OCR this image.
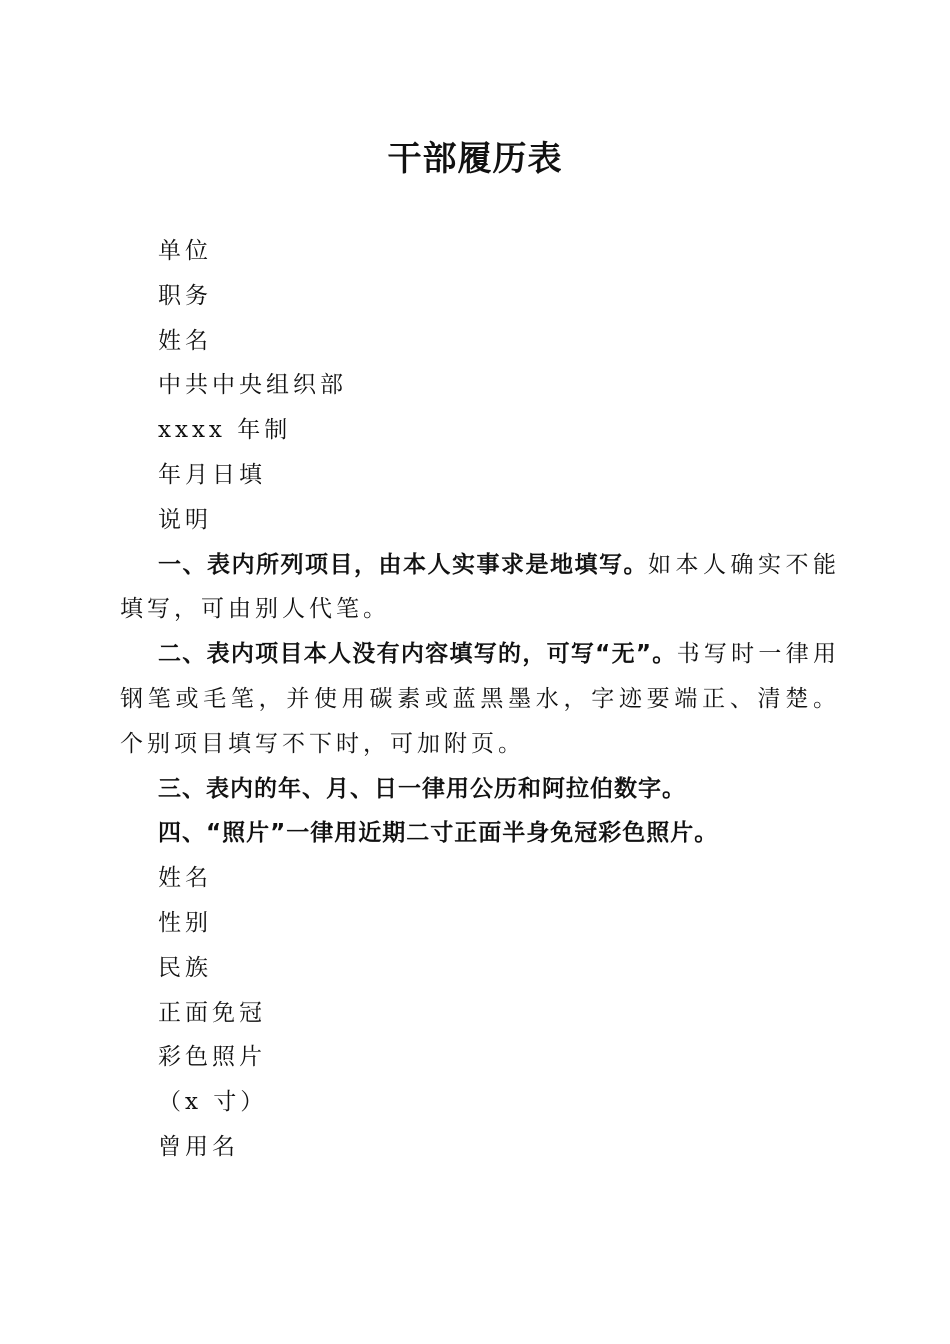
干部履历表
单位
职务
姓名
中共中央组织部
xxxx 年制
年月日填
说明
一、表内所列项目，由本人实事求是地填写。如本人确实不能填写，可由别人代笔。
二、表内项目本人没有内容填写的，可写“无”。书写时一律用钢笔或毛笔，并使用碳素或蓝黑墨水，字迹要端正、清楚。个别项目填写不下时，可加附页。
三、表内的年、月、日一律用公历和阿拉伯数字。
四、“照片”一律用近期二寸正面半身免冠彩色照片。
姓名
性别
民族
正面免冠
彩色照片
（x 寸）
曾用名
